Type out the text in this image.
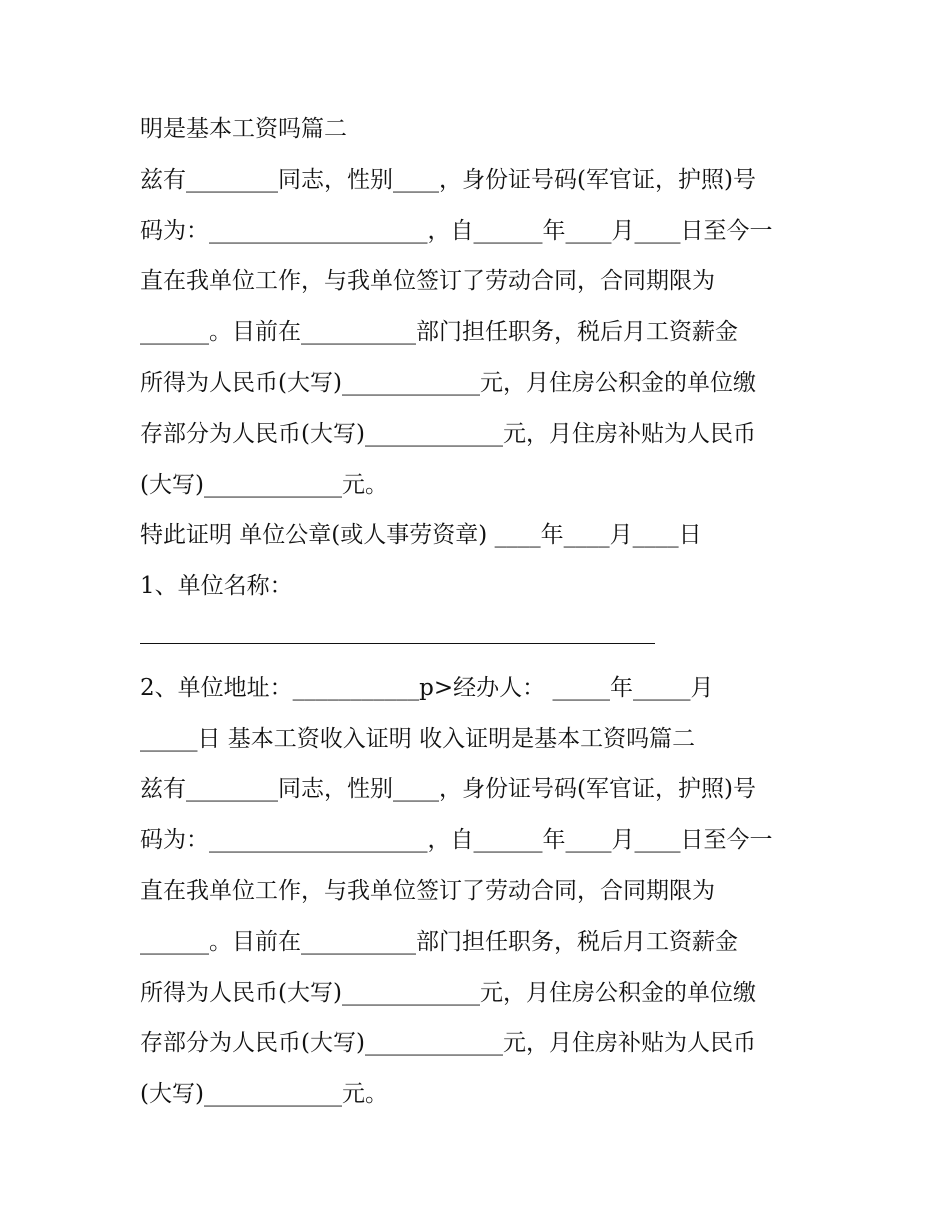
明是基本工资吗篇二
兹有________同志，性别____，身份证号码(军官证，护照)号
码为：___________________，自______年____月____日至今一
直在我单位工作，与我单位签订了劳动合同，合同期限为
______。目前在__________部门担任职务，税后月工资薪金
所得为人民币(大写)____________元，月住房公积金的单位缴
存部分为人民币(大写)____________元，月住房补贴为人民币
(大写)____________元。
特此证明 单位公章(或人事劳资章) ____年____月____日
1、单位名称：
2、单位地址：___________p>经办人： _____年_____月
_____日 基本工资收入证明 收入证明是基本工资吗篇二
兹有________同志，性别____，身份证号码(军官证，护照)号
码为：___________________，自______年____月____日至今一
直在我单位工作，与我单位签订了劳动合同，合同期限为
______。目前在__________部门担任职务，税后月工资薪金
所得为人民币(大写)____________元，月住房公积金的单位缴
存部分为人民币(大写)____________元，月住房补贴为人民币
(大写)____________元。
